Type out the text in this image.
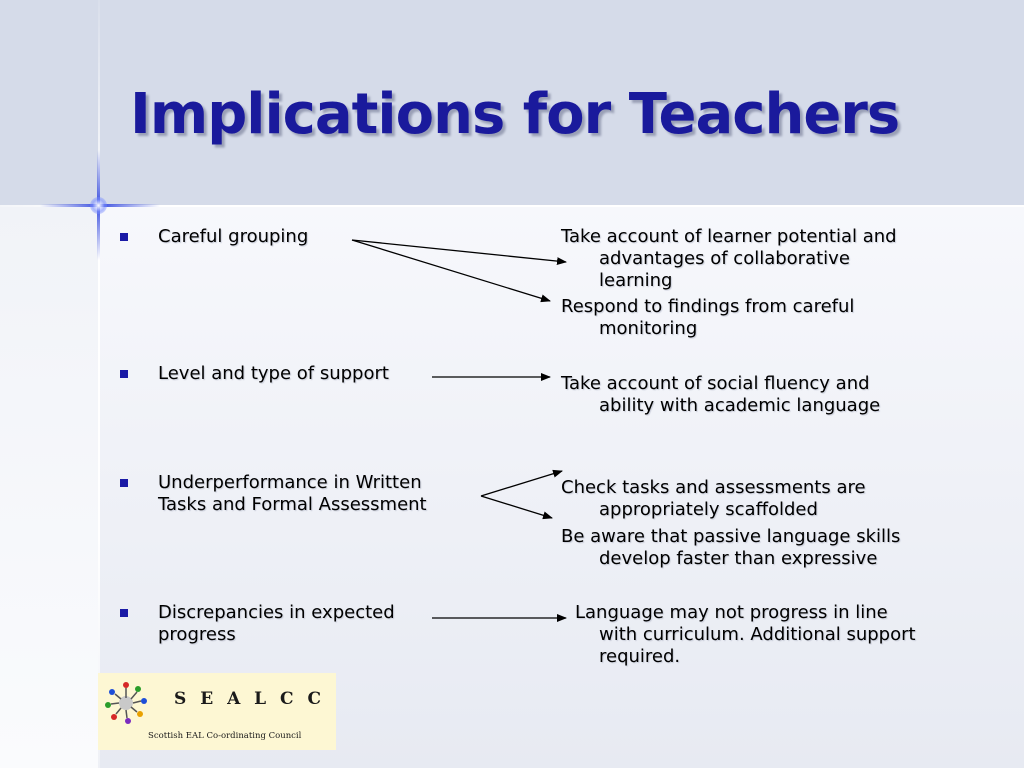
Implications for Teachers
Careful grouping
Level and type of support
Underperformance in Written
Tasks and Formal Assessment
Discrepancies in expected
progress
Take account of learner potential and
advantages of collaborative
learning
Respond to findings from careful
monitoring
Take account of social fluency and
ability with academic language
Check tasks and assessments are
appropriately scaffolded
Be aware that passive language skills
develop faster than expressive
Language may not progress in line
with curriculum. Additional support
required.
S E A L C C
Scottish EAL Co-ordinating Council
